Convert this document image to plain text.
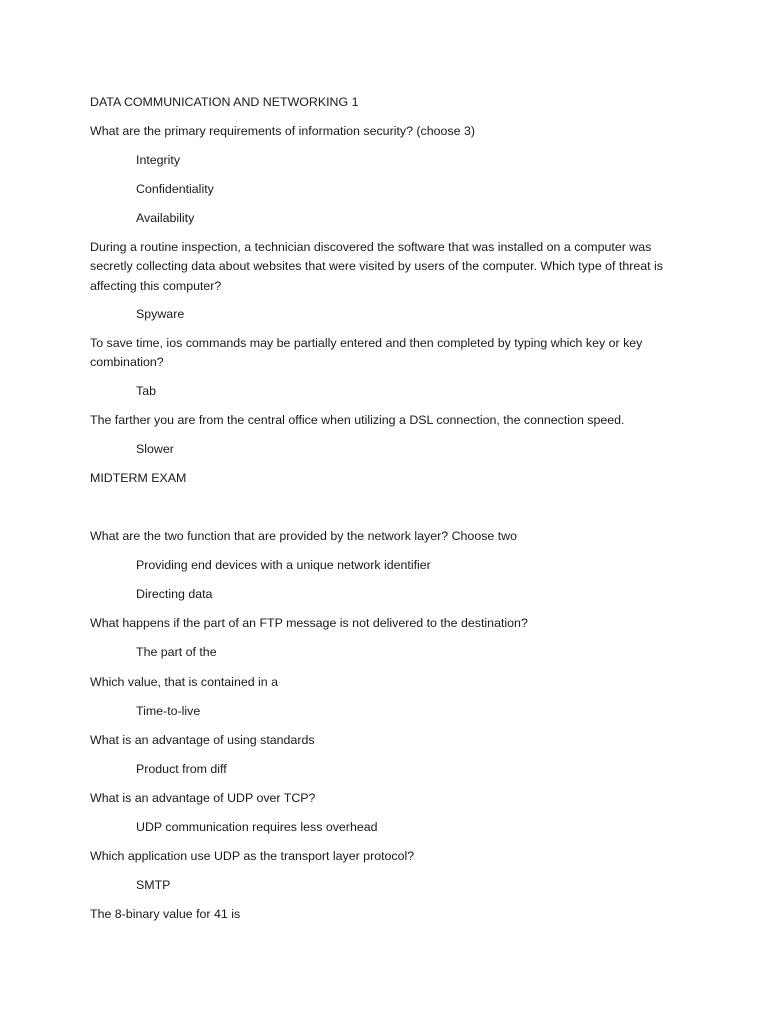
DATA COMMUNICATION AND NETWORKING 1
What are the primary requirements of information security? (choose 3)
Integrity
Confidentiality
Availability
During a routine inspection, a technician discovered the software that was installed on a computer was secretly collecting data about websites that were visited by users of the computer. Which type of threat is affecting this computer?
Spyware
To save time, ios commands may be partially entered and then completed by typing which key or key combination?
Tab
The farther you are from the central office when utilizing a DSL connection, the connection speed.
Slower
MIDTERM EXAM
What are the two function that are provided by the network layer? Choose two
Providing end devices with a unique network identifier
Directing data
What happens if the part of an FTP message is not delivered to the destination?
The part of the
Which value, that is contained in a
Time-to-live
What is an advantage of using standards
Product from diff
What is an advantage of UDP over TCP?
UDP communication requires less overhead
Which application use UDP as the transport layer protocol?
SMTP
The 8-binary value for 41 is
